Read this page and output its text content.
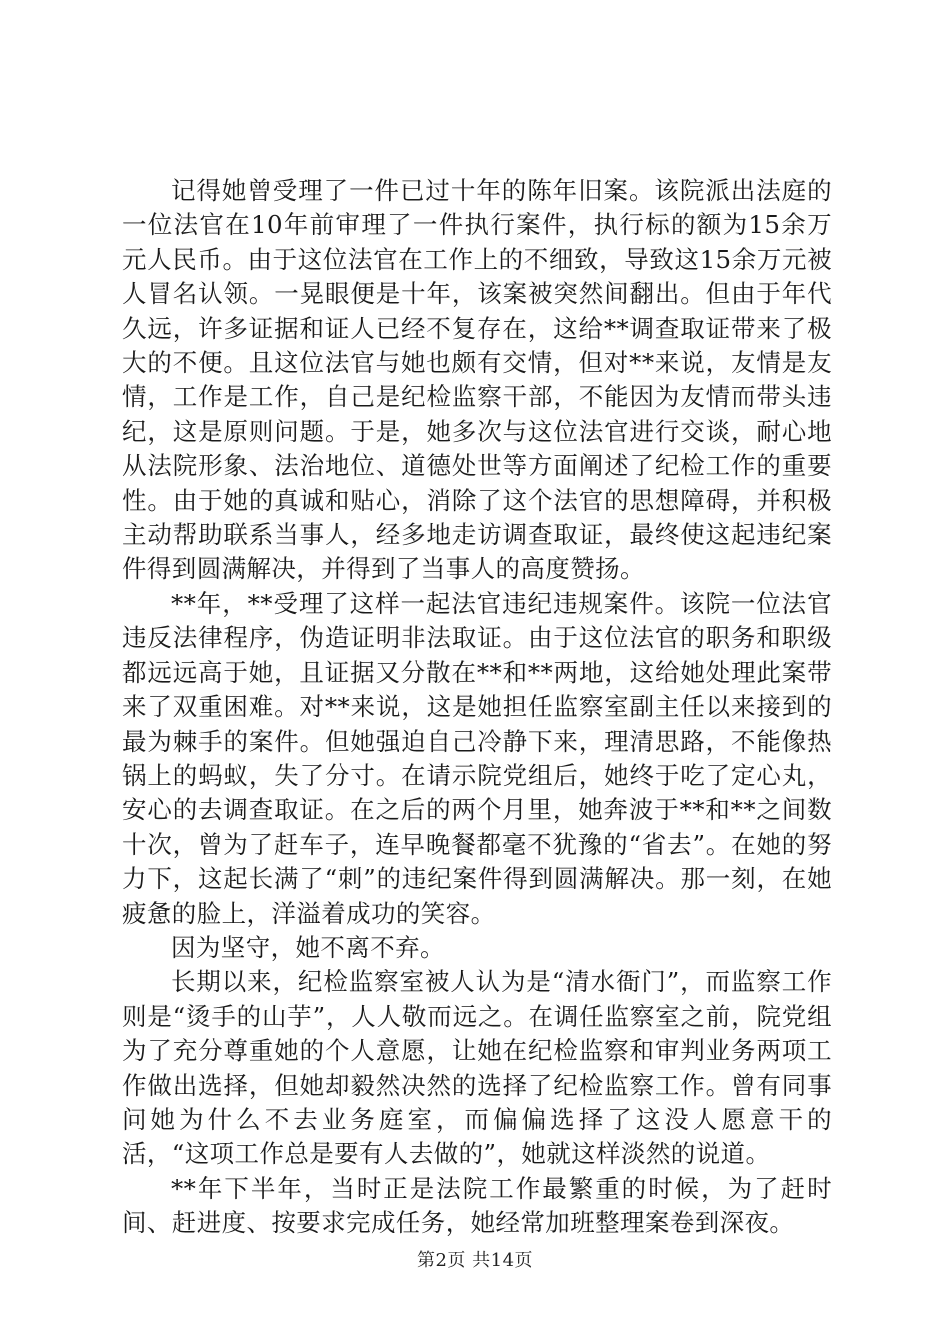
记得她曾受理了一件已过十年的陈年旧案。该院派出法庭的一位法官在10年前审理了一件执行案件，执行标的额为15余万元人民币。由于这位法官在工作上的不细致，导致这15余万元被人冒名认领。一晃眼便是十年，该案被突然间翻出。但由于年代久远，许多证据和证人已经不复存在，这给**调查取证带来了极大的不便。且这位法官与她也颇有交情，但对**来说，友情是友情，工作是工作，自己是纪检监察干部，不能因为友情而带头违纪，这是原则问题。于是，她多次与这位法官进行交谈，耐心地从法院形象、法治地位、道德处世等方面阐述了纪检工作的重要性。由于她的真诚和贴心，消除了这个法官的思想障碍，并积极主动帮助联系当事人，经多地走访调查取证，最终使这起违纪案件得到圆满解决，并得到了当事人的高度赞扬。

**年，**受理了这样一起法官违纪违规案件。该院一位法官违反法律程序，伪造证明非法取证。由于这位法官的职务和职级都远远高于她，且证据又分散在**和**两地，这给她处理此案带来了双重困难。对**来说，这是她担任监察室副主任以来接到的最为棘手的案件。但她强迫自己冷静下来，理清思路，不能像热锅上的蚂蚁，失了分寸。在请示院党组后，她终于吃了定心丸，安心的去调查取证。在之后的两个月里，她奔波于**和**之间数十次，曾为了赶车子，连早晚餐都毫不犹豫的“省去”。在她的努力下，这起长满了“刺”的违纪案件得到圆满解决。那一刻，在她疲惫的脸上，洋溢着成功的笑容。

因为坚守，她不离不弃。

长期以来，纪检监察室被人认为是“清水衙门”，而监察工作则是“烫手的山芋”，人人敬而远之。在调任监察室之前，院党组为了充分尊重她的个人意愿，让她在纪检监察和审判业务两项工作做出选择，但她却毅然决然的选择了纪检监察工作。曾有同事问她为什么不去业务庭室，而偏偏选择了这没人愿意干的活，“这项工作总是要有人去做的”，她就这样淡然的说道。

**年下半年，当时正是法院工作最繁重的时候，为了赶时间、赶进度、按要求完成任务，她经常加班整理案卷到深夜。

第2页 共14页
